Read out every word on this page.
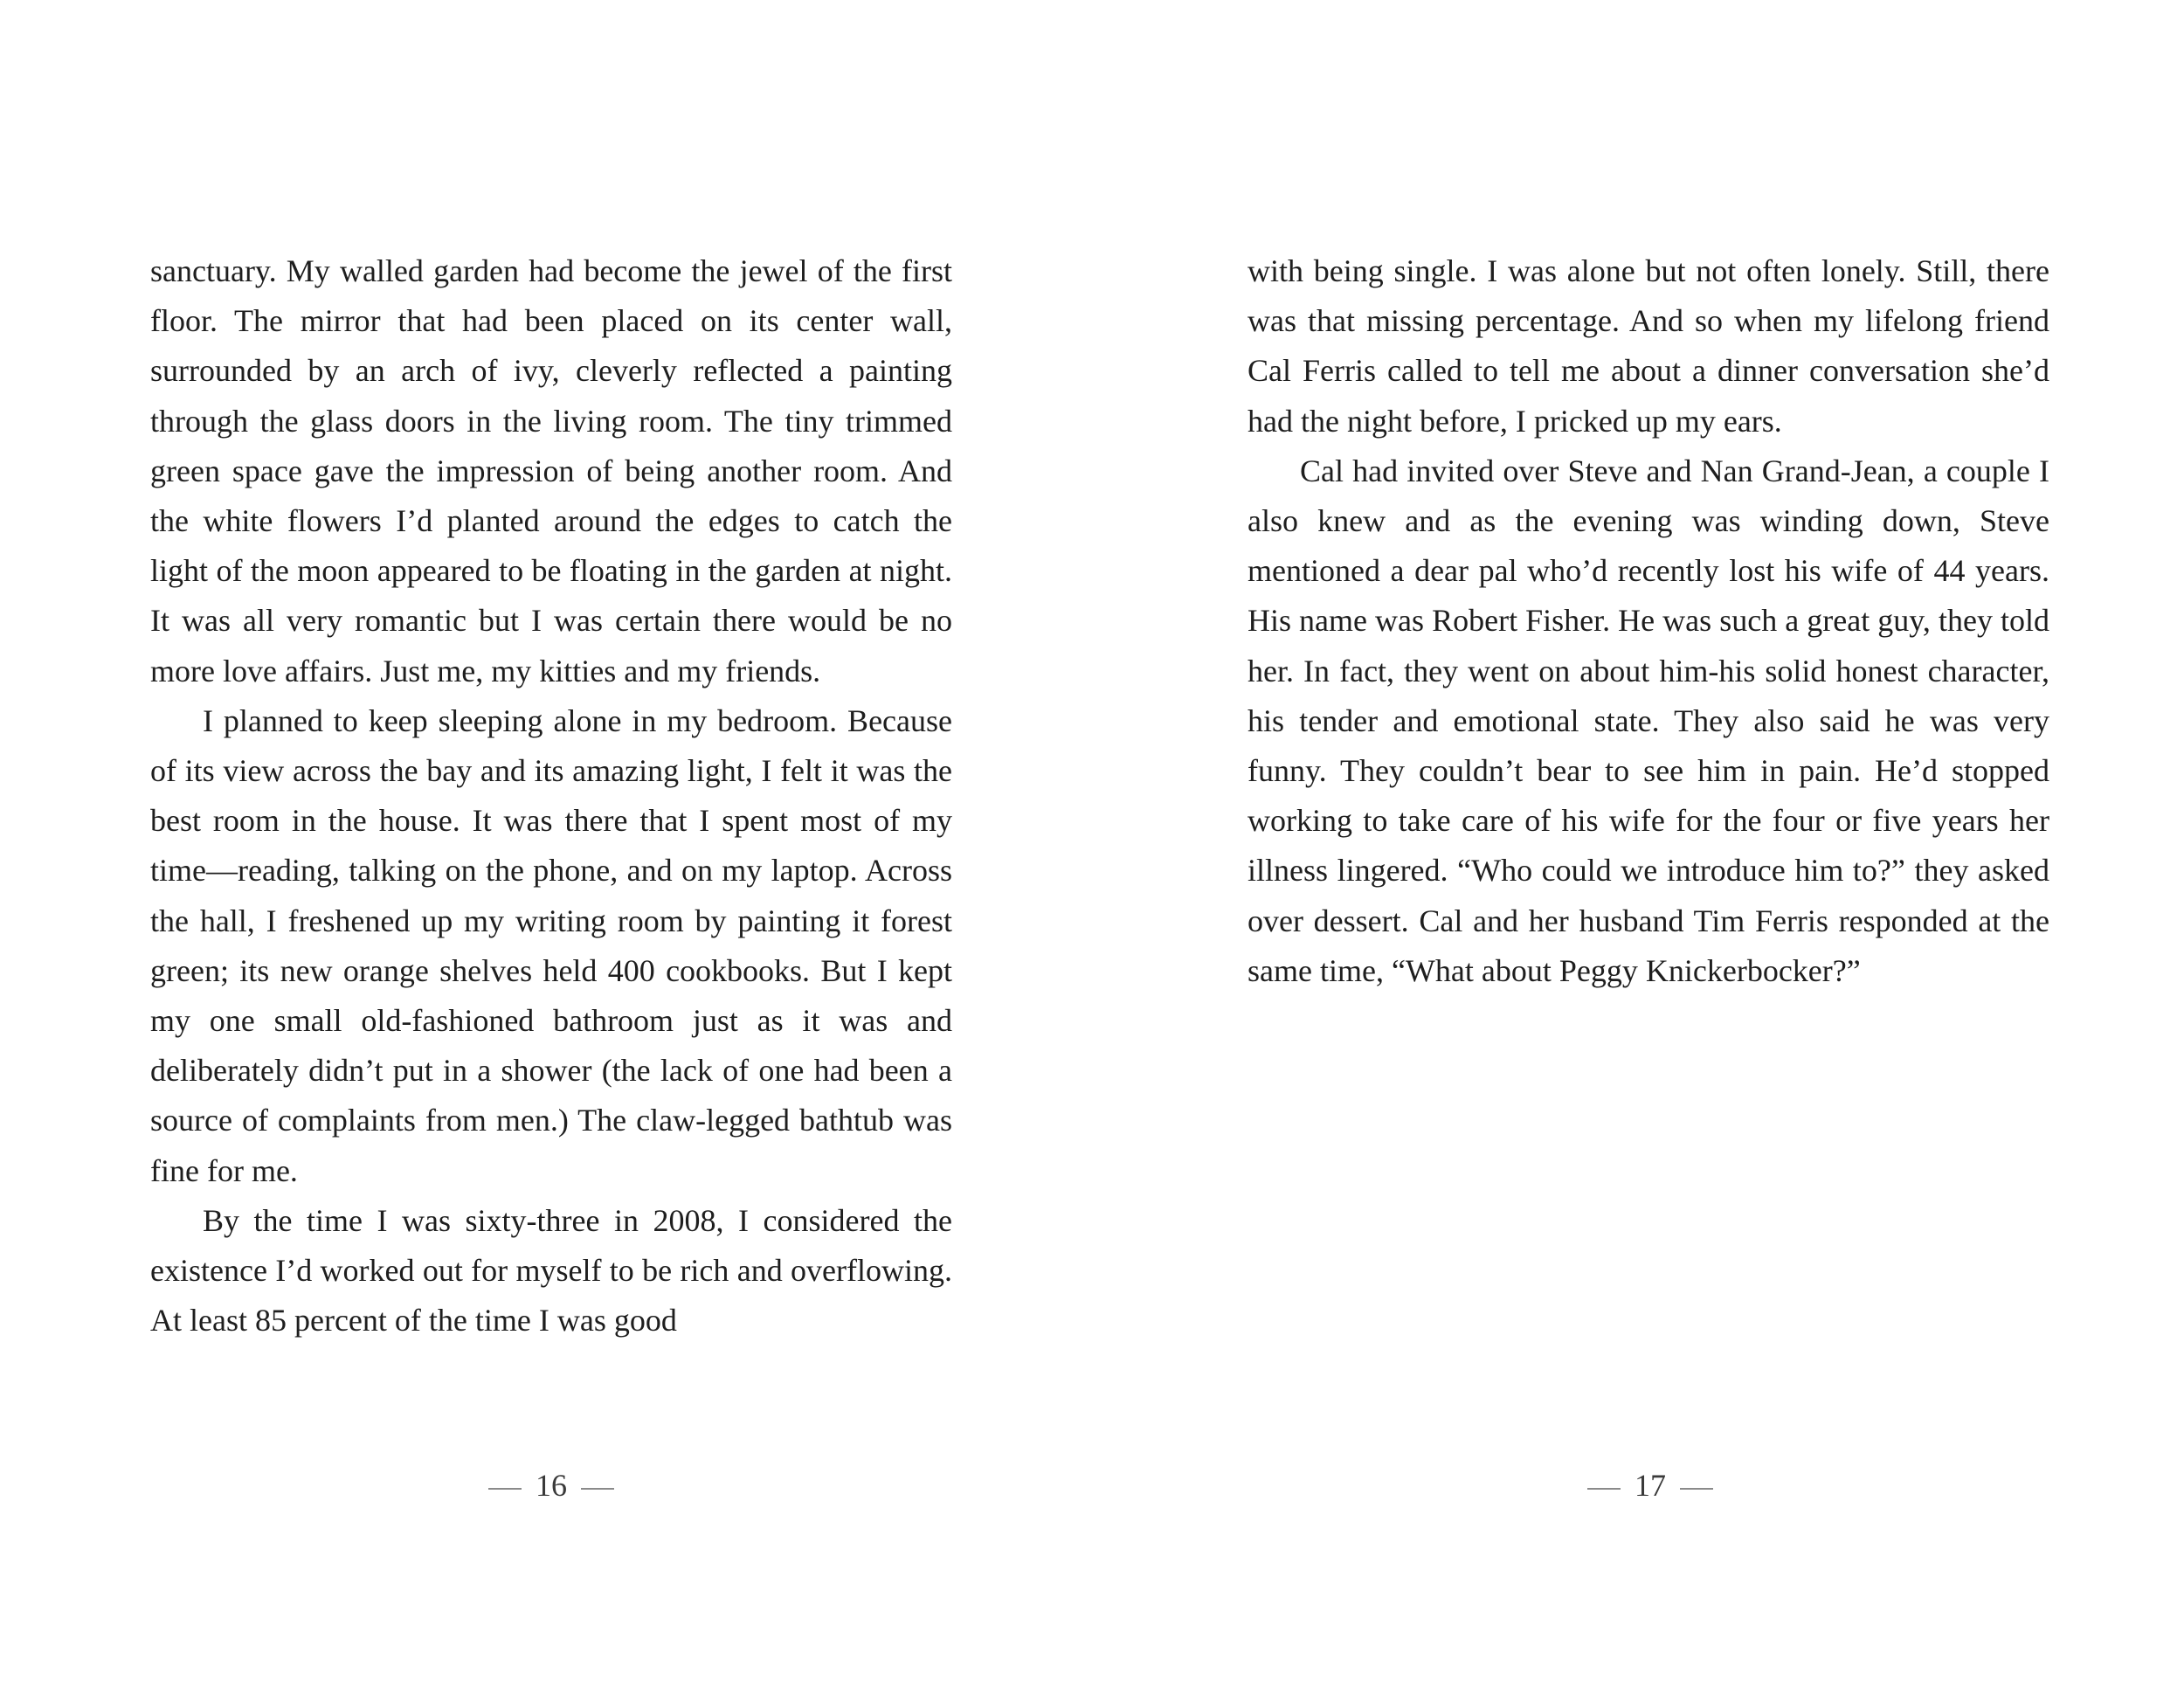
sanctuary. My walled garden had become the jewel of the first floor. The mirror that had been placed on its center wall, surrounded by an arch of ivy, cleverly reflected a painting through the glass doors in the living room. The tiny trimmed green space gave the impression of being another room. And the white flowers I’d planted around the edges to catch the light of the moon appeared to be floating in the garden at night. It was all very romantic but I was certain there would be no more love affairs. Just me, my kitties and my friends.

I planned to keep sleeping alone in my bedroom. Because of its view across the bay and its amazing light, I felt it was the best room in the house. It was there that I spent most of my time—reading, talking on the phone, and on my laptop. Across the hall, I freshened up my writing room by painting it forest green; its new orange shelves held 400 cookbooks. But I kept my one small old-fashioned bathroom just as it was and deliberately didn’t put in a shower (the lack of one had been a source of complaints from men.) The claw-legged bathtub was fine for me.

By the time I was sixty-three in 2008, I considered the existence I’d worked out for myself to be rich and overflowing. At least 85 percent of the time I was good

with being single. I was alone but not often lonely. Still, there was that missing percentage. And so when my lifelong friend Cal Ferris called to tell me about a dinner conversation she’d had the night before, I pricked up my ears.

Cal had invited over Steve and Nan Grand-Jean, a couple I also knew and as the evening was winding down, Steve mentioned a dear pal who’d recently lost his wife of 44 years. His name was Robert Fisher. He was such a great guy, they told her. In fact, they went on about him-his solid honest character, his tender and emotional state. They also said he was very funny. They couldn’t bear to see him in pain. He’d stopped working to take care of his wife for the four or five years her illness lingered. “Who could we introduce him to?” they asked over dessert. Cal and her husband Tim Ferris responded at the same time, “What about Peggy Knickerbocker?”

16	17
